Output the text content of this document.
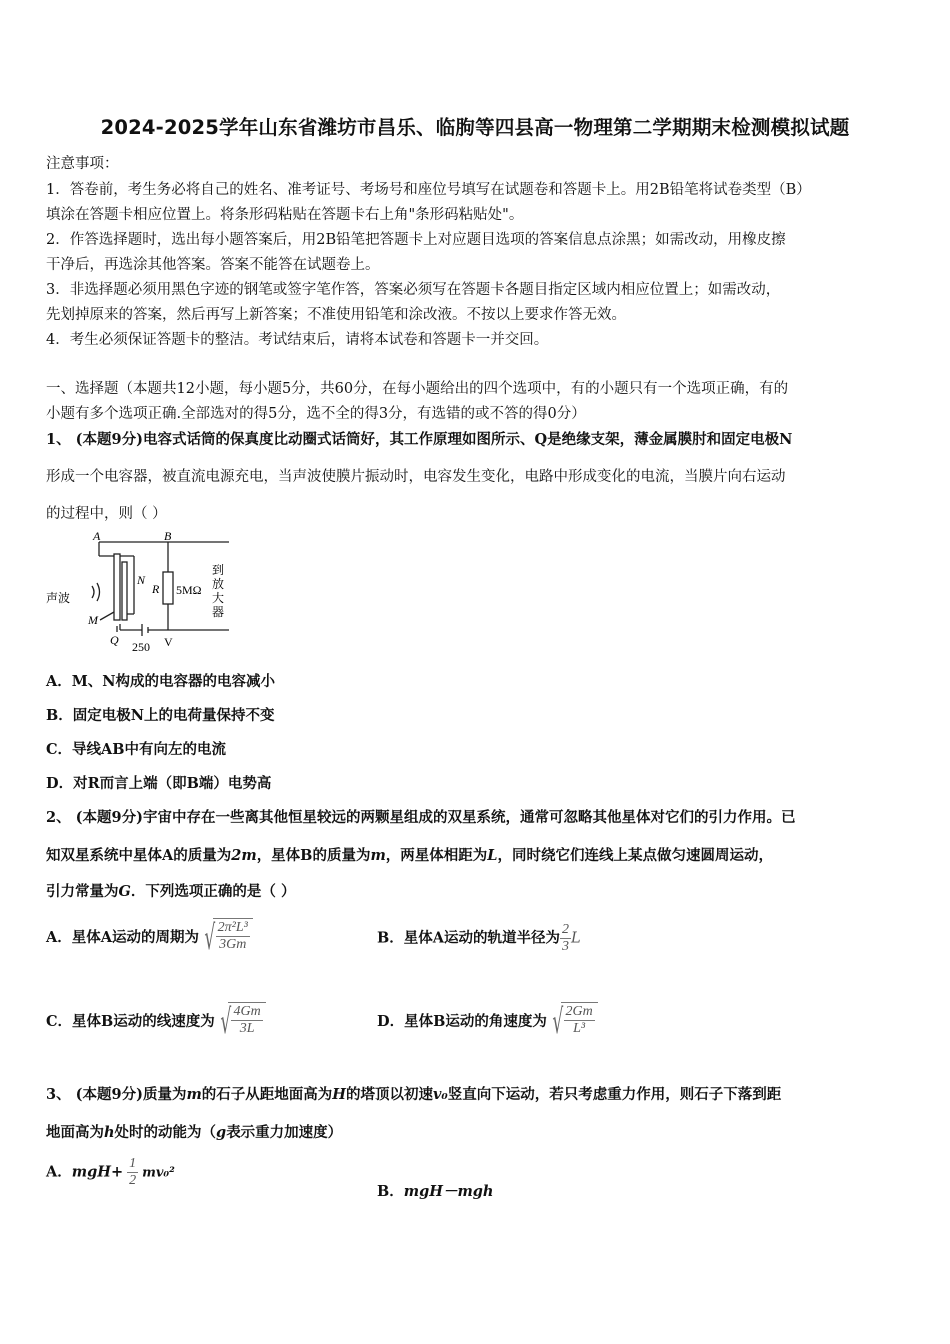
2024-2025学年山东省潍坊市昌乐、临朐等四县高一物理第二学期期末检测模拟试题
注意事项：
1．答卷前，考生务必将自己的姓名、准考证号、考场号和座位号填写在试题卷和答题卡上。用2B铅笔将试卷类型（B）
填涂在答题卡相应位置上。将条形码粘贴在答题卡右上角"条形码粘贴处"。
2．作答选择题时，选出每小题答案后，用2B铅笔把答题卡上对应题目选项的答案信息点涂黑；如需改动，用橡皮擦
干净后，再选涂其他答案。答案不能答在试题卷上。
3．非选择题必须用黑色字迹的钢笔或签字笔作答，答案必须写在答题卡各题目指定区域内相应位置上；如需改动，
先划掉原来的答案，然后再写上新答案；不准使用铅笔和涂改液。不按以上要求作答无效。
4．考生必须保证答题卡的整洁。考试结束后，请将本试卷和答题卡一并交回。
一、选择题（本题共12小题，每小题5分，共60分，在每小题给出的四个选项中，有的小题只有一个选项正确，有的
小题有多个选项正确.全部选对的得5分，选不全的得3分，有选错的或不答的得0分）
1、 (本题9分)电容式话筒的保真度比动圈式话筒好，其工作原理如图所示、Q是绝缘支架，薄金属膜肘和固定电极N
形成一个电容器，被直流电源充电，当声波使膜片振动时，电容发生变化，电路中形成变化的电流，当膜片向右运动
的过程中，则（ ）
A	B
N
R 5MΩ
声波
M
Q 250 V
到
放
大
器
A．M、N构成的电容器的电容减小
B．固定电极N上的电荷量保持不变
C．导线AB中有向左的电流
D．对R而言上端（即B端）电势高
2、 (本题9分)宇宙中存在一些离其他恒星较远的两颗星组成的双星系统，通常可忽略其他星体对它们的引力作用。已
知双星系统中星体A的质量为2m，星体B的质量为m，两星体相距为L，同时绕它们连线上某点做匀速圆周运动，
引力常量为G．下列选项正确的是（ ）
A．星体A运动的周期为 √ $\frac{\text{2π²L³}}{3Gm}$	B．星体A运动的轨道半径为 $\frac{2}{3}$ L
C．星体B运动的线速度为 √ $\frac{4Gm}{3L}$	D．星体B运动的角速度为 √ $\frac{2Gm}{\text{L³}}$
3、 (本题9分)质量为m的石子从距地面高为H的塔顶以初速v₀竖直向下运动，若只考虑重力作用，则石子下落到距
地面高为h处时的动能为（g表示重力加速度）
A．$mgH+ \frac{1}{2} mv_0^2$
B．mgH－mgh
